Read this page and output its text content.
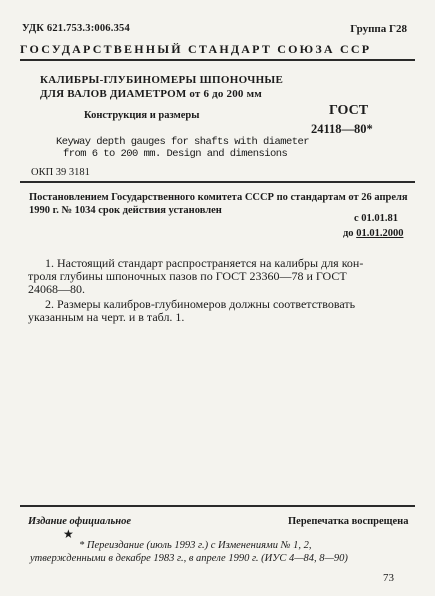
УДК 621.753.3:006.354	Группа Г28
ГОСУДАРСТВЕННЫЙ СТАНДАРТ СОЮЗА ССР
КАЛИБРЫ-ГЛУБИНОМЕРЫ ШПОНОЧНЫЕ
ДЛЯ ВАЛОВ ДИАМЕТРОМ от 6 до 200 мм
Конструкция и размеры	ГОСТ
24118—80*
Keyway depth gauges for shafts with diameter
from 6 to 200 mm. Design and dimensions
ОКП 39 3181
Постановлением Государственного комитета СССР по стандартам от 26 апреля
1990 г. № 1034 срок действия установлен
с 01.01.81
до 01.01.2000
1. Настоящий стандарт распространяется на калибры для кон-
троля глубины шпоночных пазов по ГОСТ 23360—78 и ГОСТ
24068—80.
2. Размеры калибров-глубиномеров должны соответствовать
указанным на черт. и в табл. 1.
Издание официальное	Перепечатка воспрещена
★
* Переиздание (июль 1993 г.) с Изменениями № 1, 2,
утвержденными в декабре 1983 г., в апреле 1990 г. (ИУС 4—84, 8—90)
73
